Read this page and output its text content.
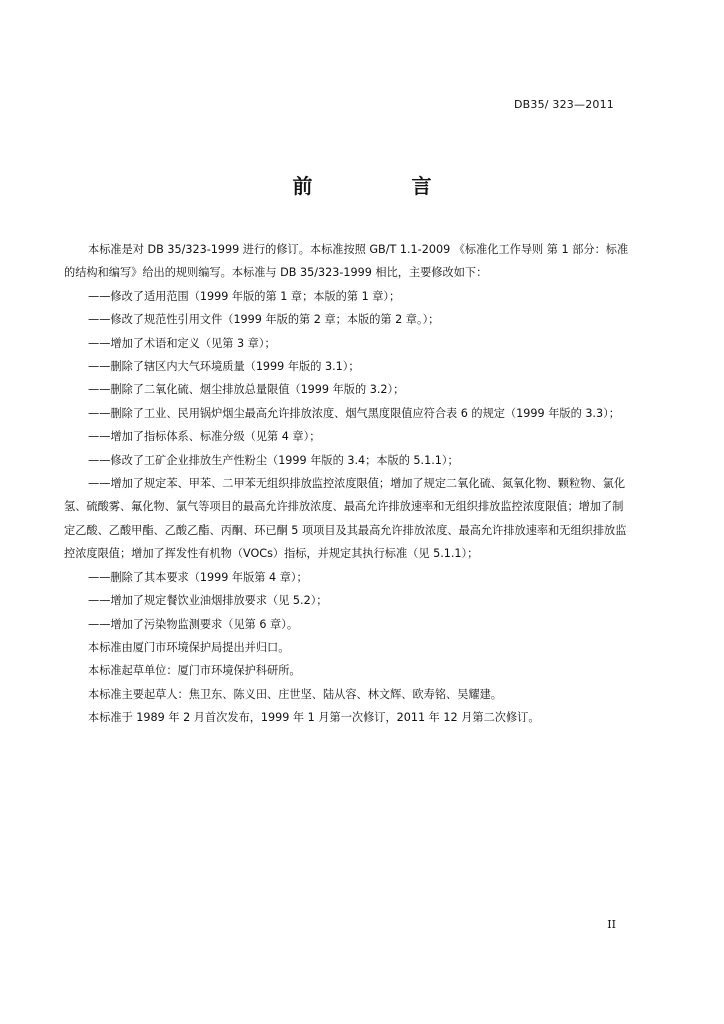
DB35/ 323—2011
前 言

本标准是对 DB 35/323-1999 进行的修订。本标准按照 GB/T 1.1-2009 《标准化工作导则 第 1 部分：标准的结构和编写》给出的规则编写。本标准与 DB 35/323-1999 相比，主要修改如下：

——修改了适用范围（1999 年版的第 1 章；本版的第 1 章）；

——修改了规范性引用文件（1999 年版的第 2 章；本版的第 2 章。）；

——增加了术语和定义（见第 3 章）；

——删除了辖区内大气环境质量（1999 年版的 3.1）；

——删除了二氧化硫、烟尘排放总量限值（1999 年版的 3.2）；

——删除了工业、民用锅炉烟尘最高允许排放浓度、烟气黑度限值应符合表 6 的规定（1999 年版的 3.3）；

——增加了指标体系、标准分级（见第 4 章）；

——修改了工矿企业排放生产性粉尘（1999 年版的 3.4；本版的 5.1.1）；

——增加了规定苯、甲苯、二甲苯无组织排放监控浓度限值；增加了规定二氧化硫、氮氧化物、颗粒物、氯化氢、硫酸雾、氟化物、氯气等项目的最高允许排放浓度、最高允许排放速率和无组织排放监控浓度限值；增加了制定乙酸、乙酸甲酯、乙酸乙酯、丙酮、环已酮 5 项项目及其最高允许排放浓度、最高允许排放速率和无组织排放监控浓度限值；增加了挥发性有机物（VOCs）指标，并规定其执行标准（见 5.1.1）；

——删除了其本要求（1999 年版第 4 章）；

——增加了规定餐饮业油烟排放要求（见 5.2）；

——增加了污染物监测要求（见第 6 章）。

本标准由厦门市环境保护局提出并归口。

本标准起草单位：厦门市环境保护科研所。

本标准主要起草人：焦卫东、陈义田、庄世坚、陆从容、林文辉、欧寿铭、吴耀建。

本标准于 1989 年 2 月首次发布，1999 年 1 月第一次修订，2011 年 12 月第二次修订。

II
